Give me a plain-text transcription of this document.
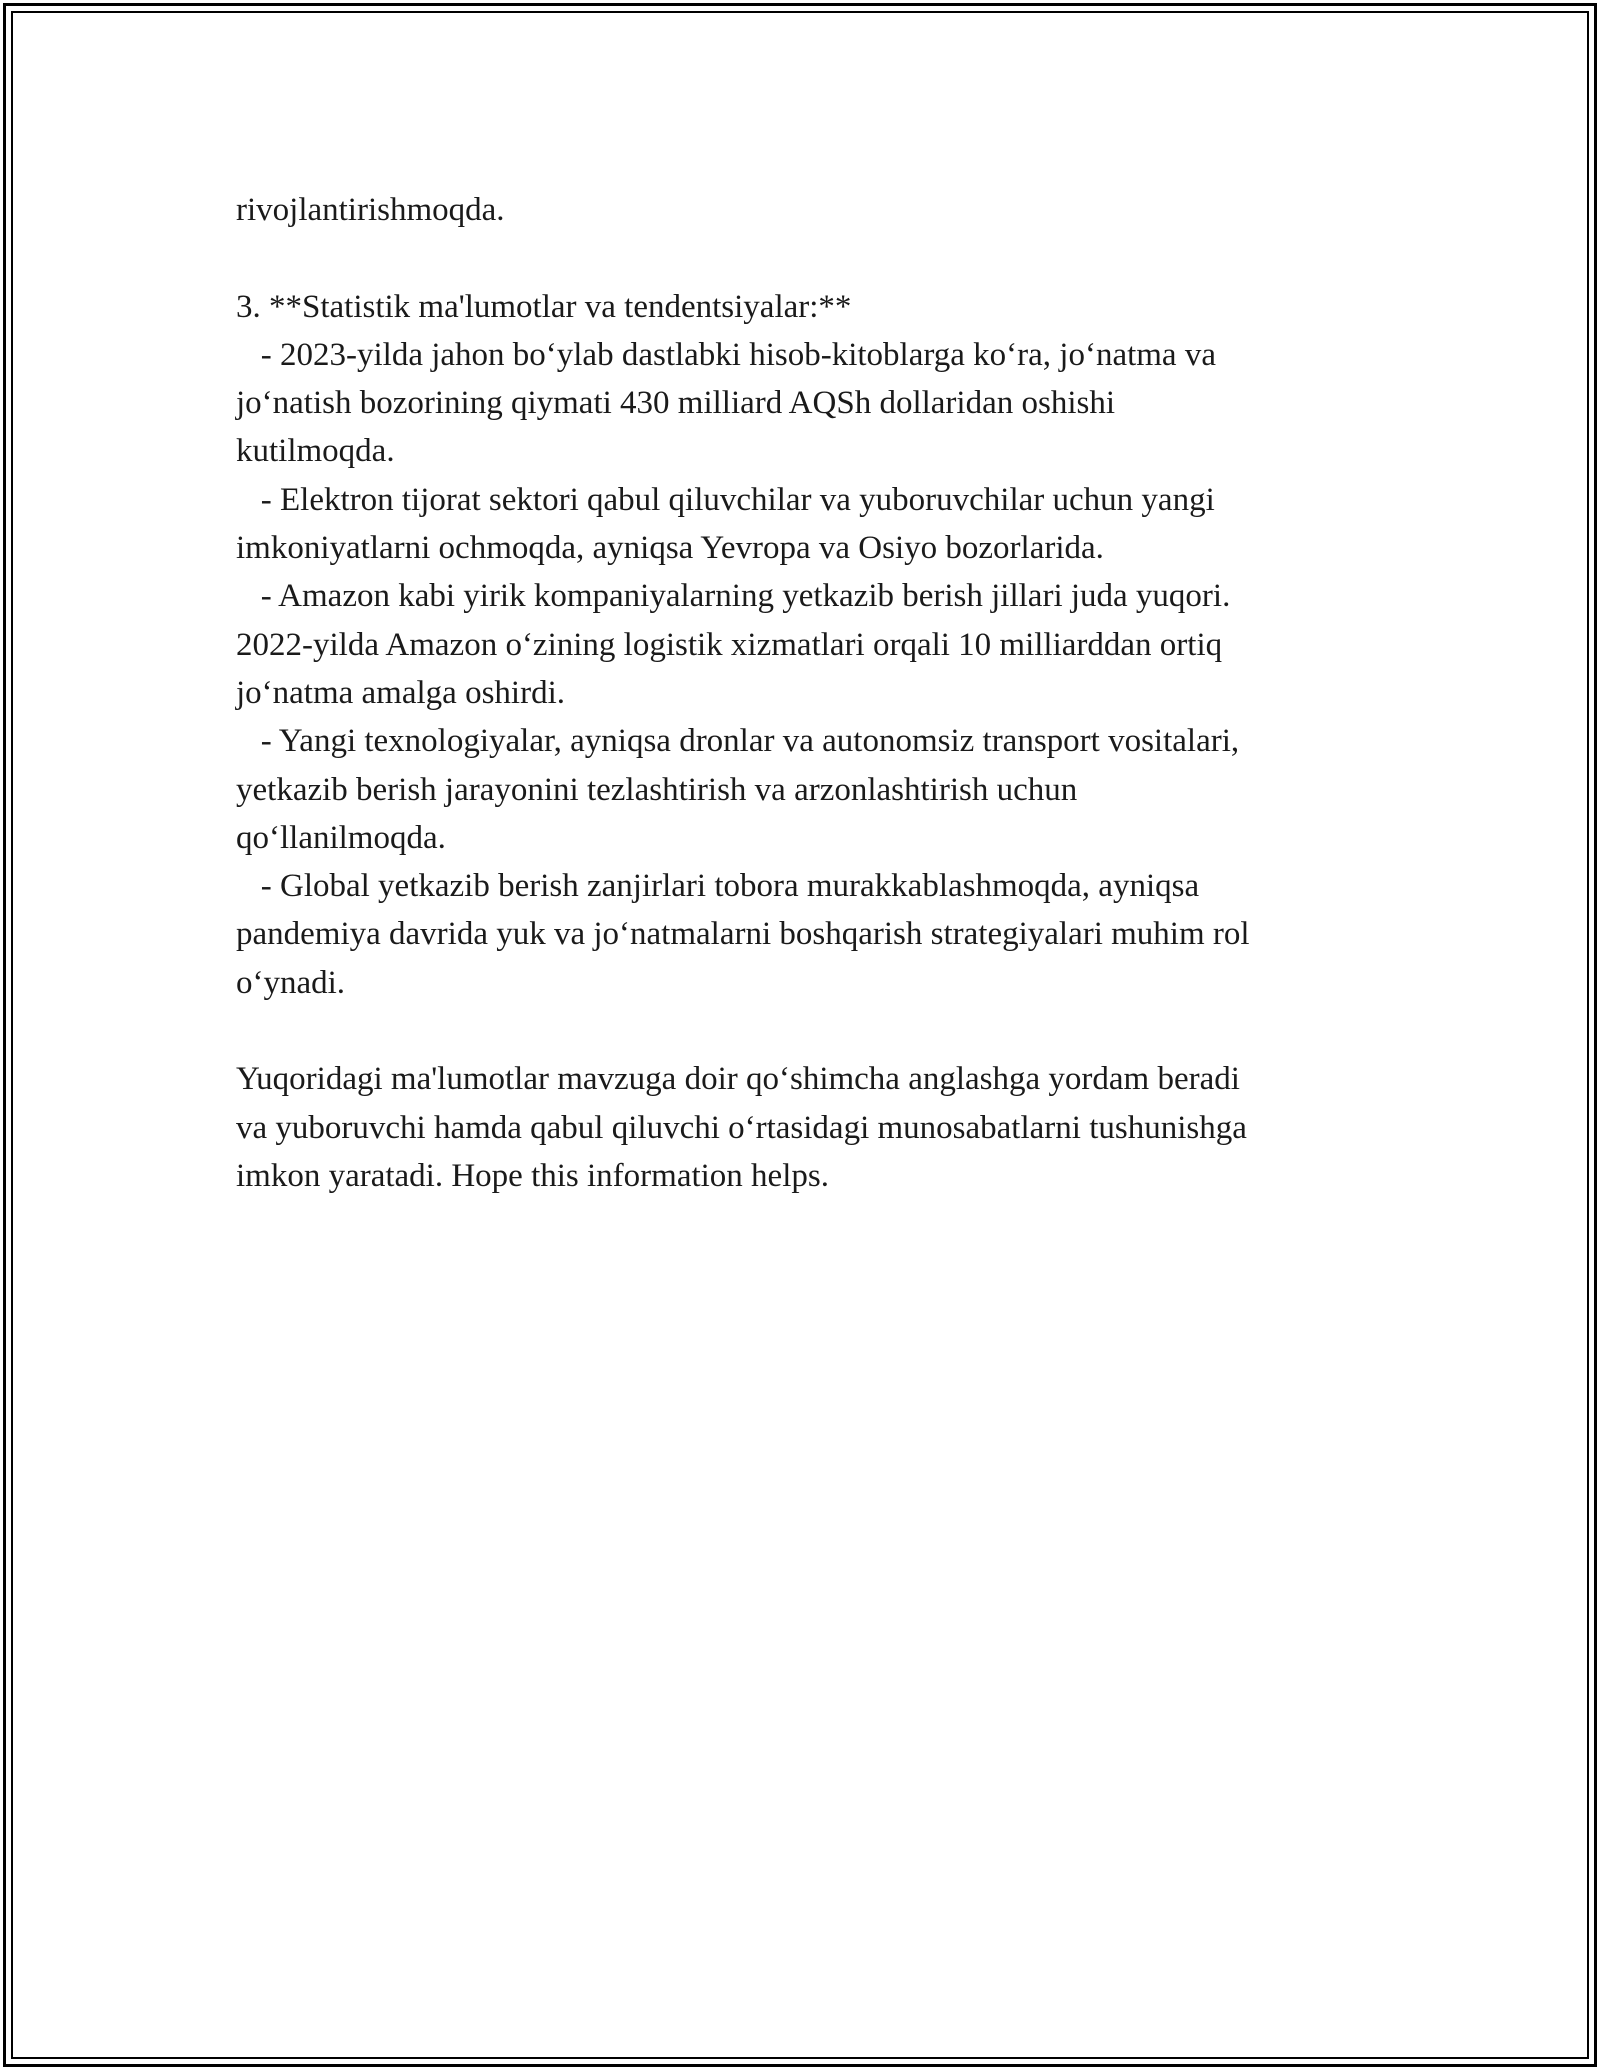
rivojlantirishmoqda.
3. **Statistik ma'lumotlar va tendentsiyalar:**
- 2023-yilda jahon bo‘ylab dastlabki hisob-kitoblarga ko‘ra, jo‘natma va
jo‘natish bozorining qiymati 430 milliard AQSh dollaridan oshishi
kutilmoqda.
- Elektron tijorat sektori qabul qiluvchilar va yuboruvchilar uchun yangi
imkoniyatlarni ochmoqda, ayniqsa Yevropa va Osiyo bozorlarida.
- Amazon kabi yirik kompaniyalarning yetkazib berish jillari juda yuqori.
2022-yilda Amazon o‘zining logistik xizmatlari orqali 10 milliarddan ortiq
jo‘natma amalga oshirdi.
- Yangi texnologiyalar, ayniqsa dronlar va autonomsiz transport vositalari,
yetkazib berish jarayonini tezlashtirish va arzonlashtirish uchun
qo‘llanilmoqda.
- Global yetkazib berish zanjirlari tobora murakkablashmoqda, ayniqsa
pandemiya davrida yuk va jo‘natmalarni boshqarish strategiyalari muhim rol
o‘ynadi.
Yuqoridagi ma'lumotlar mavzuga doir qo‘shimcha anglashga yordam beradi
va yuboruvchi hamda qabul qiluvchi o‘rtasidagi munosabatlarni tushunishga
imkon yaratadi. Hope this information helps.
